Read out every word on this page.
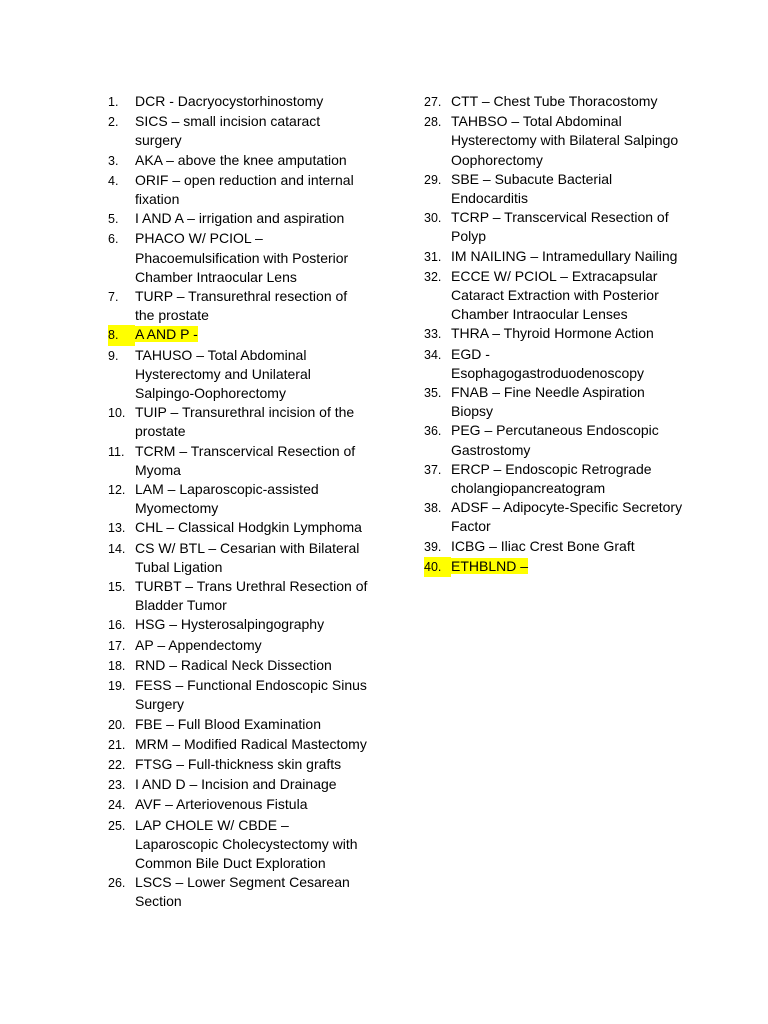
1.	DCR - Dacryocystorhinostomy
2.	SICS – small incision cataract surgery
3.	AKA – above the knee amputation
4.	ORIF – open reduction and internal fixation
5.	I AND A – irrigation and aspiration
6.	PHACO W/ PCIOL – Phacoemulsification with Posterior Chamber Intraocular Lens
7.	TURP – Transurethral resection of the prostate
8.	A AND P -
9.	TAHUSO – Total Abdominal Hysterectomy and Unilateral Salpingo-Oophorectomy
10. TUIP – Transurethral incision of the prostate
11. TCRM – Transcervical Resection of Myoma
12. LAM – Laparoscopic-assisted Myomectomy
13. CHL – Classical Hodgkin Lymphoma
14. CS W/ BTL – Cesarian with Bilateral Tubal Ligation
15. TURBT – Trans Urethral Resection of Bladder Tumor
16. HSG – Hysterosalpingography
17. AP – Appendectomy
18. RND – Radical Neck Dissection
19. FESS – Functional Endoscopic Sinus Surgery
20. FBE – Full Blood Examination
21. MRM – Modified Radical Mastectomy
22. FTSG – Full-thickness skin grafts
23. I AND D – Incision and Drainage
24. AVF – Arteriovenous Fistula
25. LAP CHOLE W/ CBDE – Laparoscopic Cholecystectomy with Common Bile Duct Exploration
26. LSCS – Lower Segment Cesarean Section
27. CTT – Chest Tube Thoracostomy
28. TAHBSO – Total Abdominal Hysterectomy with Bilateral Salpingo Oophorectomy
29. SBE – Subacute Bacterial Endocarditis
30. TCRP – Transcervical Resection of Polyp
31. IM NAILING – Intramedullary Nailing
32. ECCE W/ PCIOL – Extracapsular Cataract Extraction with Posterior Chamber Intraocular Lenses
33. THRA – Thyroid Hormone Action
34. EGD - Esophagogastroduodenoscopy
35. FNAB – Fine Needle Aspiration Biopsy
36. PEG – Percutaneous Endoscopic Gastrostomy
37. ERCP – Endoscopic Retrograde cholangiopancreatogram
38. ADSF – Adipocyte-Specific Secretory Factor
39. ICBG – Iliac Crest Bone Graft
40. ETHBLND –
